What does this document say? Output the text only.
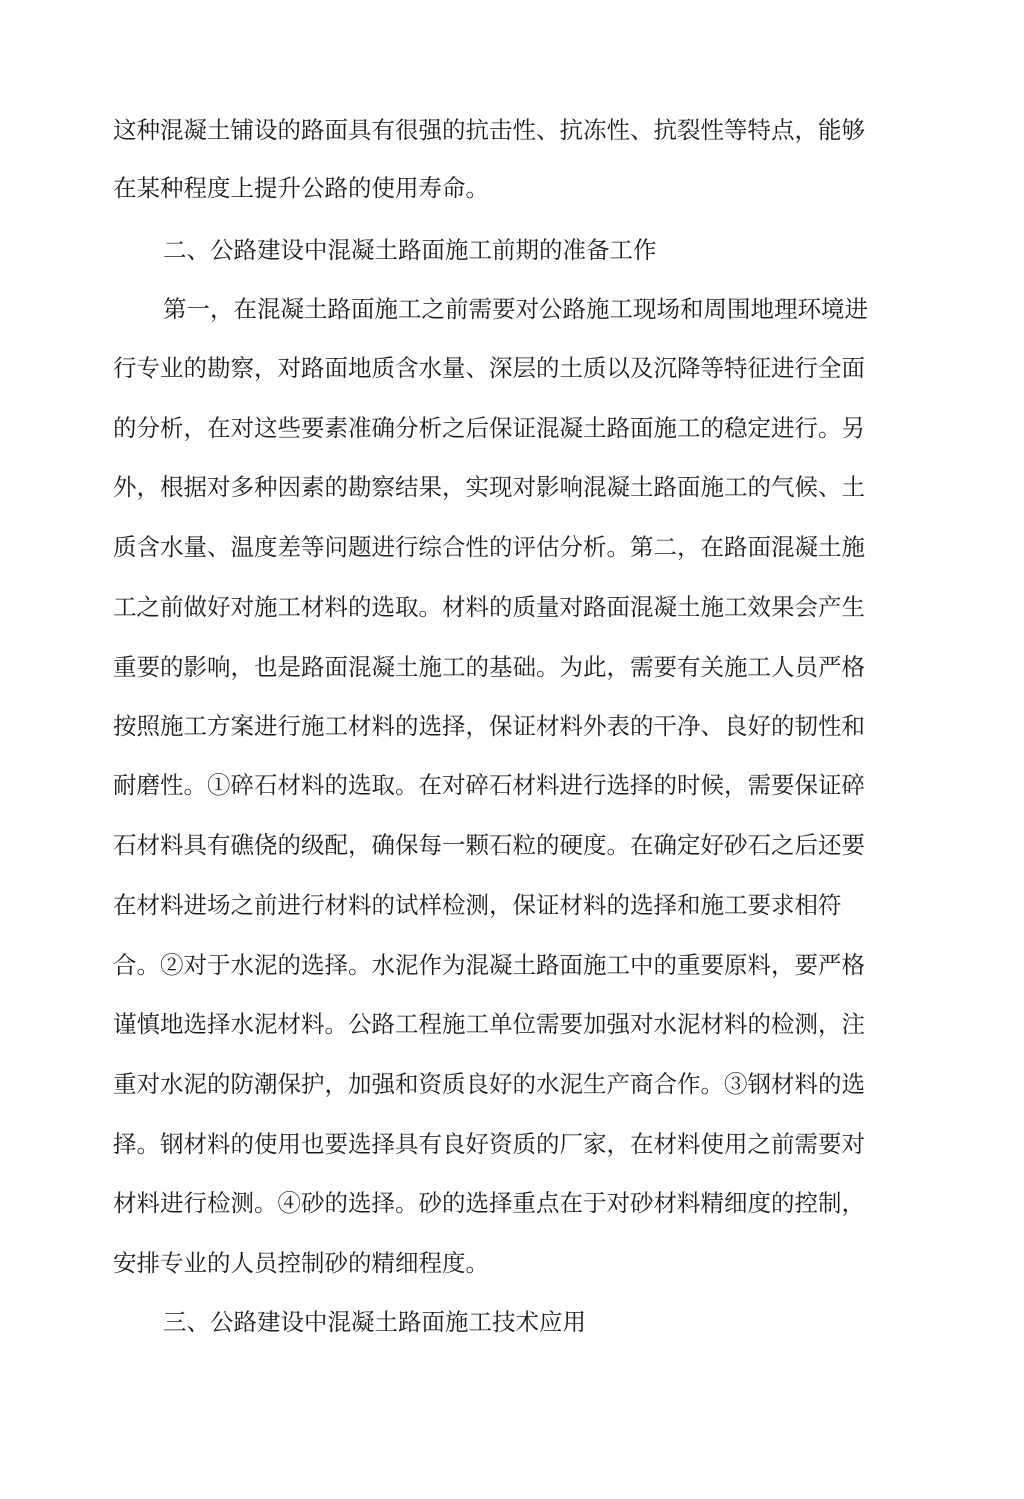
这种混凝土铺设的路面具有很强的抗击性、抗冻性、抗裂性等特点，能够
在某种程度上提升公路的使用寿命。
二、公路建设中混凝土路面施工前期的准备工作
第一，在混凝土路面施工之前需要对公路施工现场和周围地理环境进
行专业的勘察，对路面地质含水量、深层的土质以及沉降等特征进行全面
的分析，在对这些要素准确分析之后保证混凝土路面施工的稳定进行。另
外，根据对多种因素的勘察结果，实现对影响混凝土路面施工的气候、土
质含水量、温度差等问题进行综合性的评估分析。第二，在路面混凝土施
工之前做好对施工材料的选取。材料的质量对路面混凝土施工效果会产生
重要的影响，也是路面混凝土施工的基础。为此，需要有关施工人员严格
按照施工方案进行施工材料的选择，保证材料外表的干净、良好的韧性和
耐磨性。①碎石材料的选取。在对碎石材料进行选择的时候，需要保证碎
石材料具有礁侥的级配，确保每一颗石粒的硬度。在确定好砂石之后还要
在材料进场之前进行材料的试样检测，保证材料的选择和施工要求相符
合。②对于水泥的选择。水泥作为混凝土路面施工中的重要原料，要严格
谨慎地选择水泥材料。公路工程施工单位需要加强对水泥材料的检测，注
重对水泥的防潮保护，加强和资质良好的水泥生产商合作。③钢材料的选
择。钢材料的使用也要选择具有良好资质的厂家，在材料使用之前需要对
材料进行检测。④砂的选择。砂的选择重点在于对砂材料精细度的控制，
安排专业的人员控制砂的精细程度。
三、公路建设中混凝土路面施工技术应用
